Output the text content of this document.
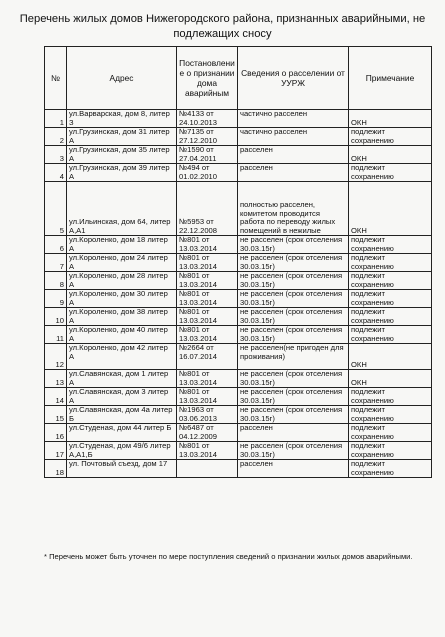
Перечень жилых домов Нижегородского района, признанных аварийными, не подлежащих сносу
№	Адрес	Постановление о признании дома аварийным	Сведения о расселении от УУРЖ	Примечание
1	ул.Варварская, дом 8, литер З	№4133 от 24.10.2013	частично расселен	ОКН
2	ул.Грузинская, дом 31 литер А	№7135 от 27.12.2010	частично расселен	подлежит сохранению
3	ул.Грузинская, дом 35 литер А	№1590 от 27.04.2011	расселен	ОКН
4	ул.Грузинская, дом 39 литер А	№494 от 01.02.2010	расселен	подлежит сохранению
5	ул.Ильинская, дом 64, литер А,А1	№5953 от 22.12.2008	полностью расселен, комитетом проводится работа по переводу жилых помещений в нежилые	ОКН
6	ул.Короленко, дом 18 литер А	№801 от 13.03.2014	не расселен (срок отселения 30.03.15г)	подлежит сохранению
7	ул.Короленко, дом 24 литер А	№801 от 13.03.2014	не расселен (срок отселения 30.03.15г)	подлежит сохранению
8	ул.Короленко, дом 28 литер А	№801 от 13.03.2014	не расселен (срок отселения 30.03.15г)	подлежит сохранению
9	ул.Короленко, дом 30 литер А	№801 от 13.03.2014	не расселен (срок отселения 30.03.15г)	подлежит сохранению
10	ул.Короленко, дом 38 литер А	№801 от 13.03.2014	не расселен (срок отселения 30.03.15г)	подлежит сохранению
11	ул.Короленко, дом 40 литер А	№801 от 13.03.2014	не расселен (срок отселения 30.03.15г)	подлежит сохранению
12	ул.Короленко, дом 42 литер А	№2664 от 16.07.2014	не расселен(не пригоден для проживания)	ОКН
13	ул.Славянская, дом 1 литер А	№801 от 13.03.2014	не расселен (срок отселения 30.03.15г)	ОКН
14	ул.Славянская, дом 3 литер А	№801 от 13.03.2014	не расселен (срок отселения 30.03.15г)	подлежит сохранению
15	ул.Славянская, дом 4а литер Б	№1963 от 03.06.2013	не расселен (срок отселения 30.03.15г)	подлежит сохранению
16	ул.Студеная, дом 44 литер Б	№6487 от 04.12.2009	расселен	подлежит сохранению
17	ул.Студеная, дом 49/6 литер А,А1,Б	№801 от 13.03.2014	не расселен (срок отселения 30.03.15г)	подлежит сохранению
18	ул. Почтовый съезд, дом 17		расселен	подлежит сохранению
* Перечень может быть уточнен по мере поступления сведений о признании жилых домов аварийными.
